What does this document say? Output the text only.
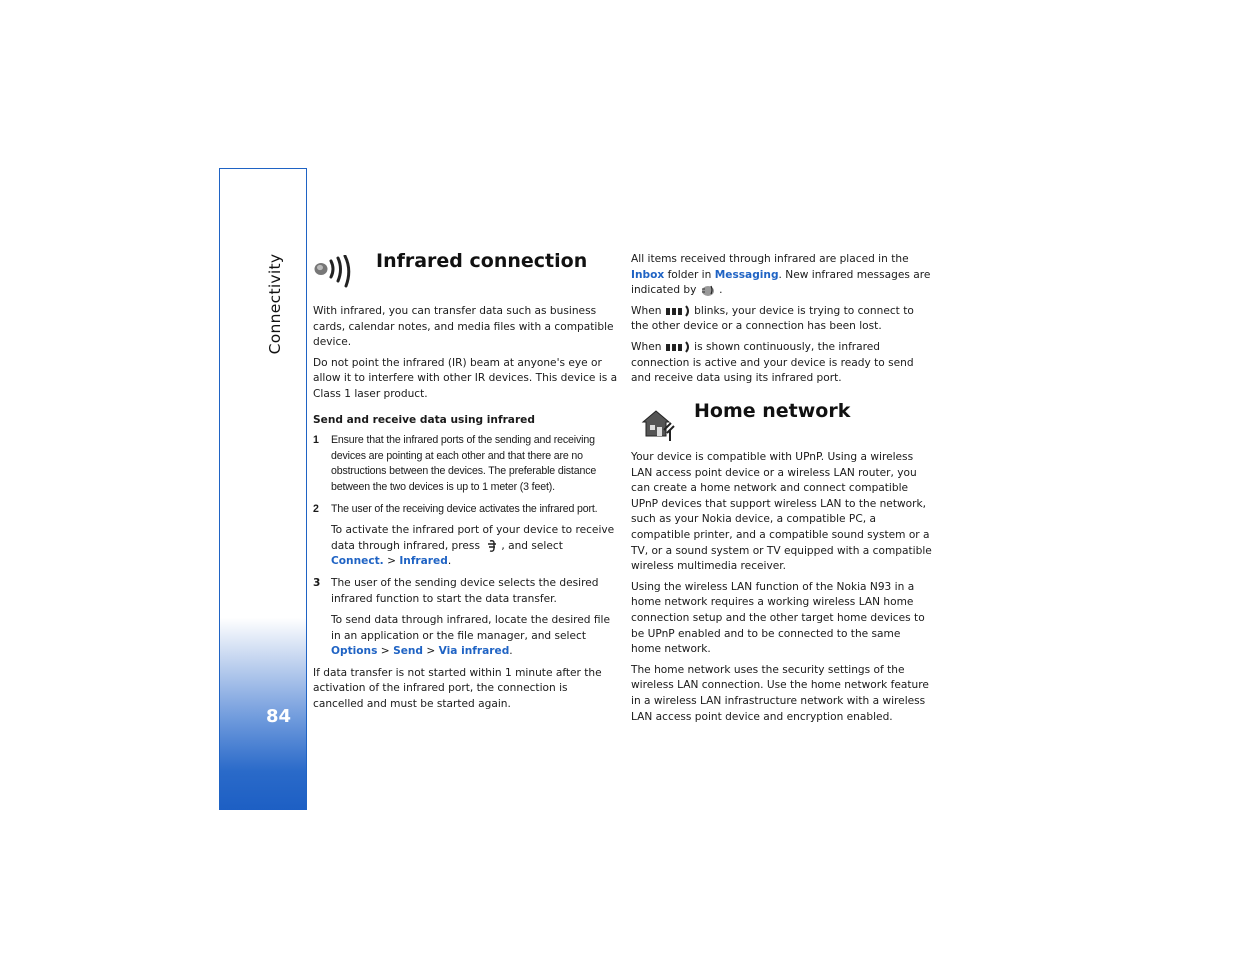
Connectivity
84
Infrared connection

With infrared, you can transfer data such as business cards, calendar notes, and media files with a compatible device.

Do not point the infrared (IR) beam at anyone's eye or allow it to interfere with other IR devices. This device is a Class 1 laser product.

Send and receive data using infrared

1 Ensure that the infrared ports of the sending and receiving devices are pointing at each other and that there are no obstructions between the devices. The preferable distance between the two devices is up to 1 meter (3 feet).
2 The user of the receiving device activates the infrared port.
To activate the infrared port of your device to receive data through infrared, press , and select Connect. > Infrared.
3 The user of the sending device selects the desired infrared function to start the data transfer.
To send data through infrared, locate the desired file in an application or the file manager, and select Options > Send > Via infrared.

If data transfer is not started within 1 minute after the activation of the infrared port, the connection is cancelled and must be started again.

All items received through infrared are placed in the Inbox folder in Messaging. New infrared messages are indicated by .

When	blinks, your device is trying to connect to the other device or a connection has been lost.

When	is shown continuously, the infrared connection is active and your device is ready to send and receive data using its infrared port.

Home network

Your device is compatible with UPnP. Using a wireless LAN access point device or a wireless LAN router, you can create a home network and connect compatible UPnP devices that support wireless LAN to the network, such as your Nokia device, a compatible PC, a compatible printer, and a compatible sound system or a TV, or a sound system or TV equipped with a compatible wireless multimedia receiver.

Using the wireless LAN function of the Nokia N93 in a home network requires a working wireless LAN home connection setup and the other target home devices to be UPnP enabled and to be connected to the same home network.

The home network uses the security settings of the wireless LAN connection. Use the home network feature in a wireless LAN infrastructure network with a wireless LAN access point device and encryption enabled.
